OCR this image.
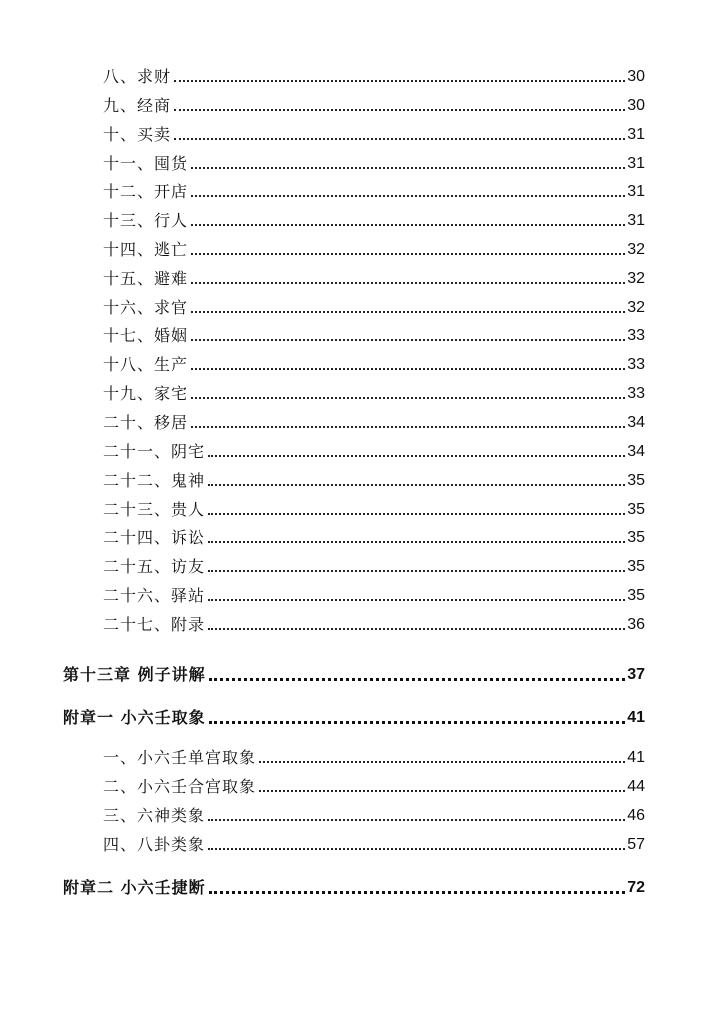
八、求财	30
九、经商	30
十、买卖	31
十一、囤货	31
十二、开店	31
十三、行人	31
十四、逃亡	32
十五、避难	32
十六、求官	32
十七、婚姻	33
十八、生产	33
十九、家宅	33
二十、移居	34
二十一、阴宅	34
二十二、鬼神	35
二十三、贵人	35
二十四、诉讼	35
二十五、访友	35
二十六、驿站	35
二十七、附录	36
第十三章 例子讲解	37
附章一 小六壬取象	41
一、小六壬单宫取象	41
二、小六壬合宫取象	44
三、六神类象	46
四、八卦类象	57
附章二 小六壬捷断	72
